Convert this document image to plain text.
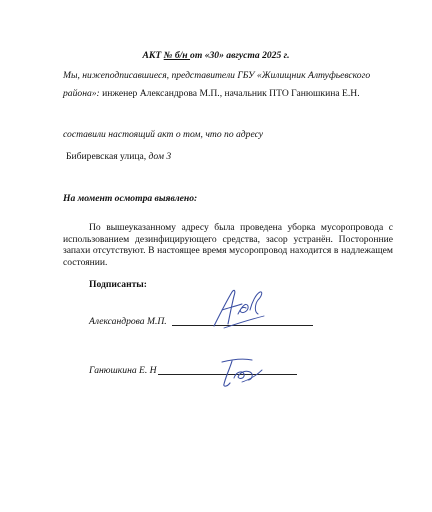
АКТ № б/н от «30» августа 2025 г.
Мы, нижеподписавшиеся, представители ГБУ «Жилищник Алтуфьевского
района»: инженер Александрова М.П., начальник ПТО Ганюшкина Е.Н.
составили настоящий акт о том, что по адресу
Бибиревская улица, дом 3
На момент осмотра выявлено:
По вышеуказанному адресу была проведена уборка мусоропровода с использованием дезинфицирующего средства, засор устранён. Посторонние запахи отсутствуют. В настоящее время мусоропровод находится в надлежащем состоянии.
Подписанты:
Александрова М.П.
Ганюшкина Е. Н
